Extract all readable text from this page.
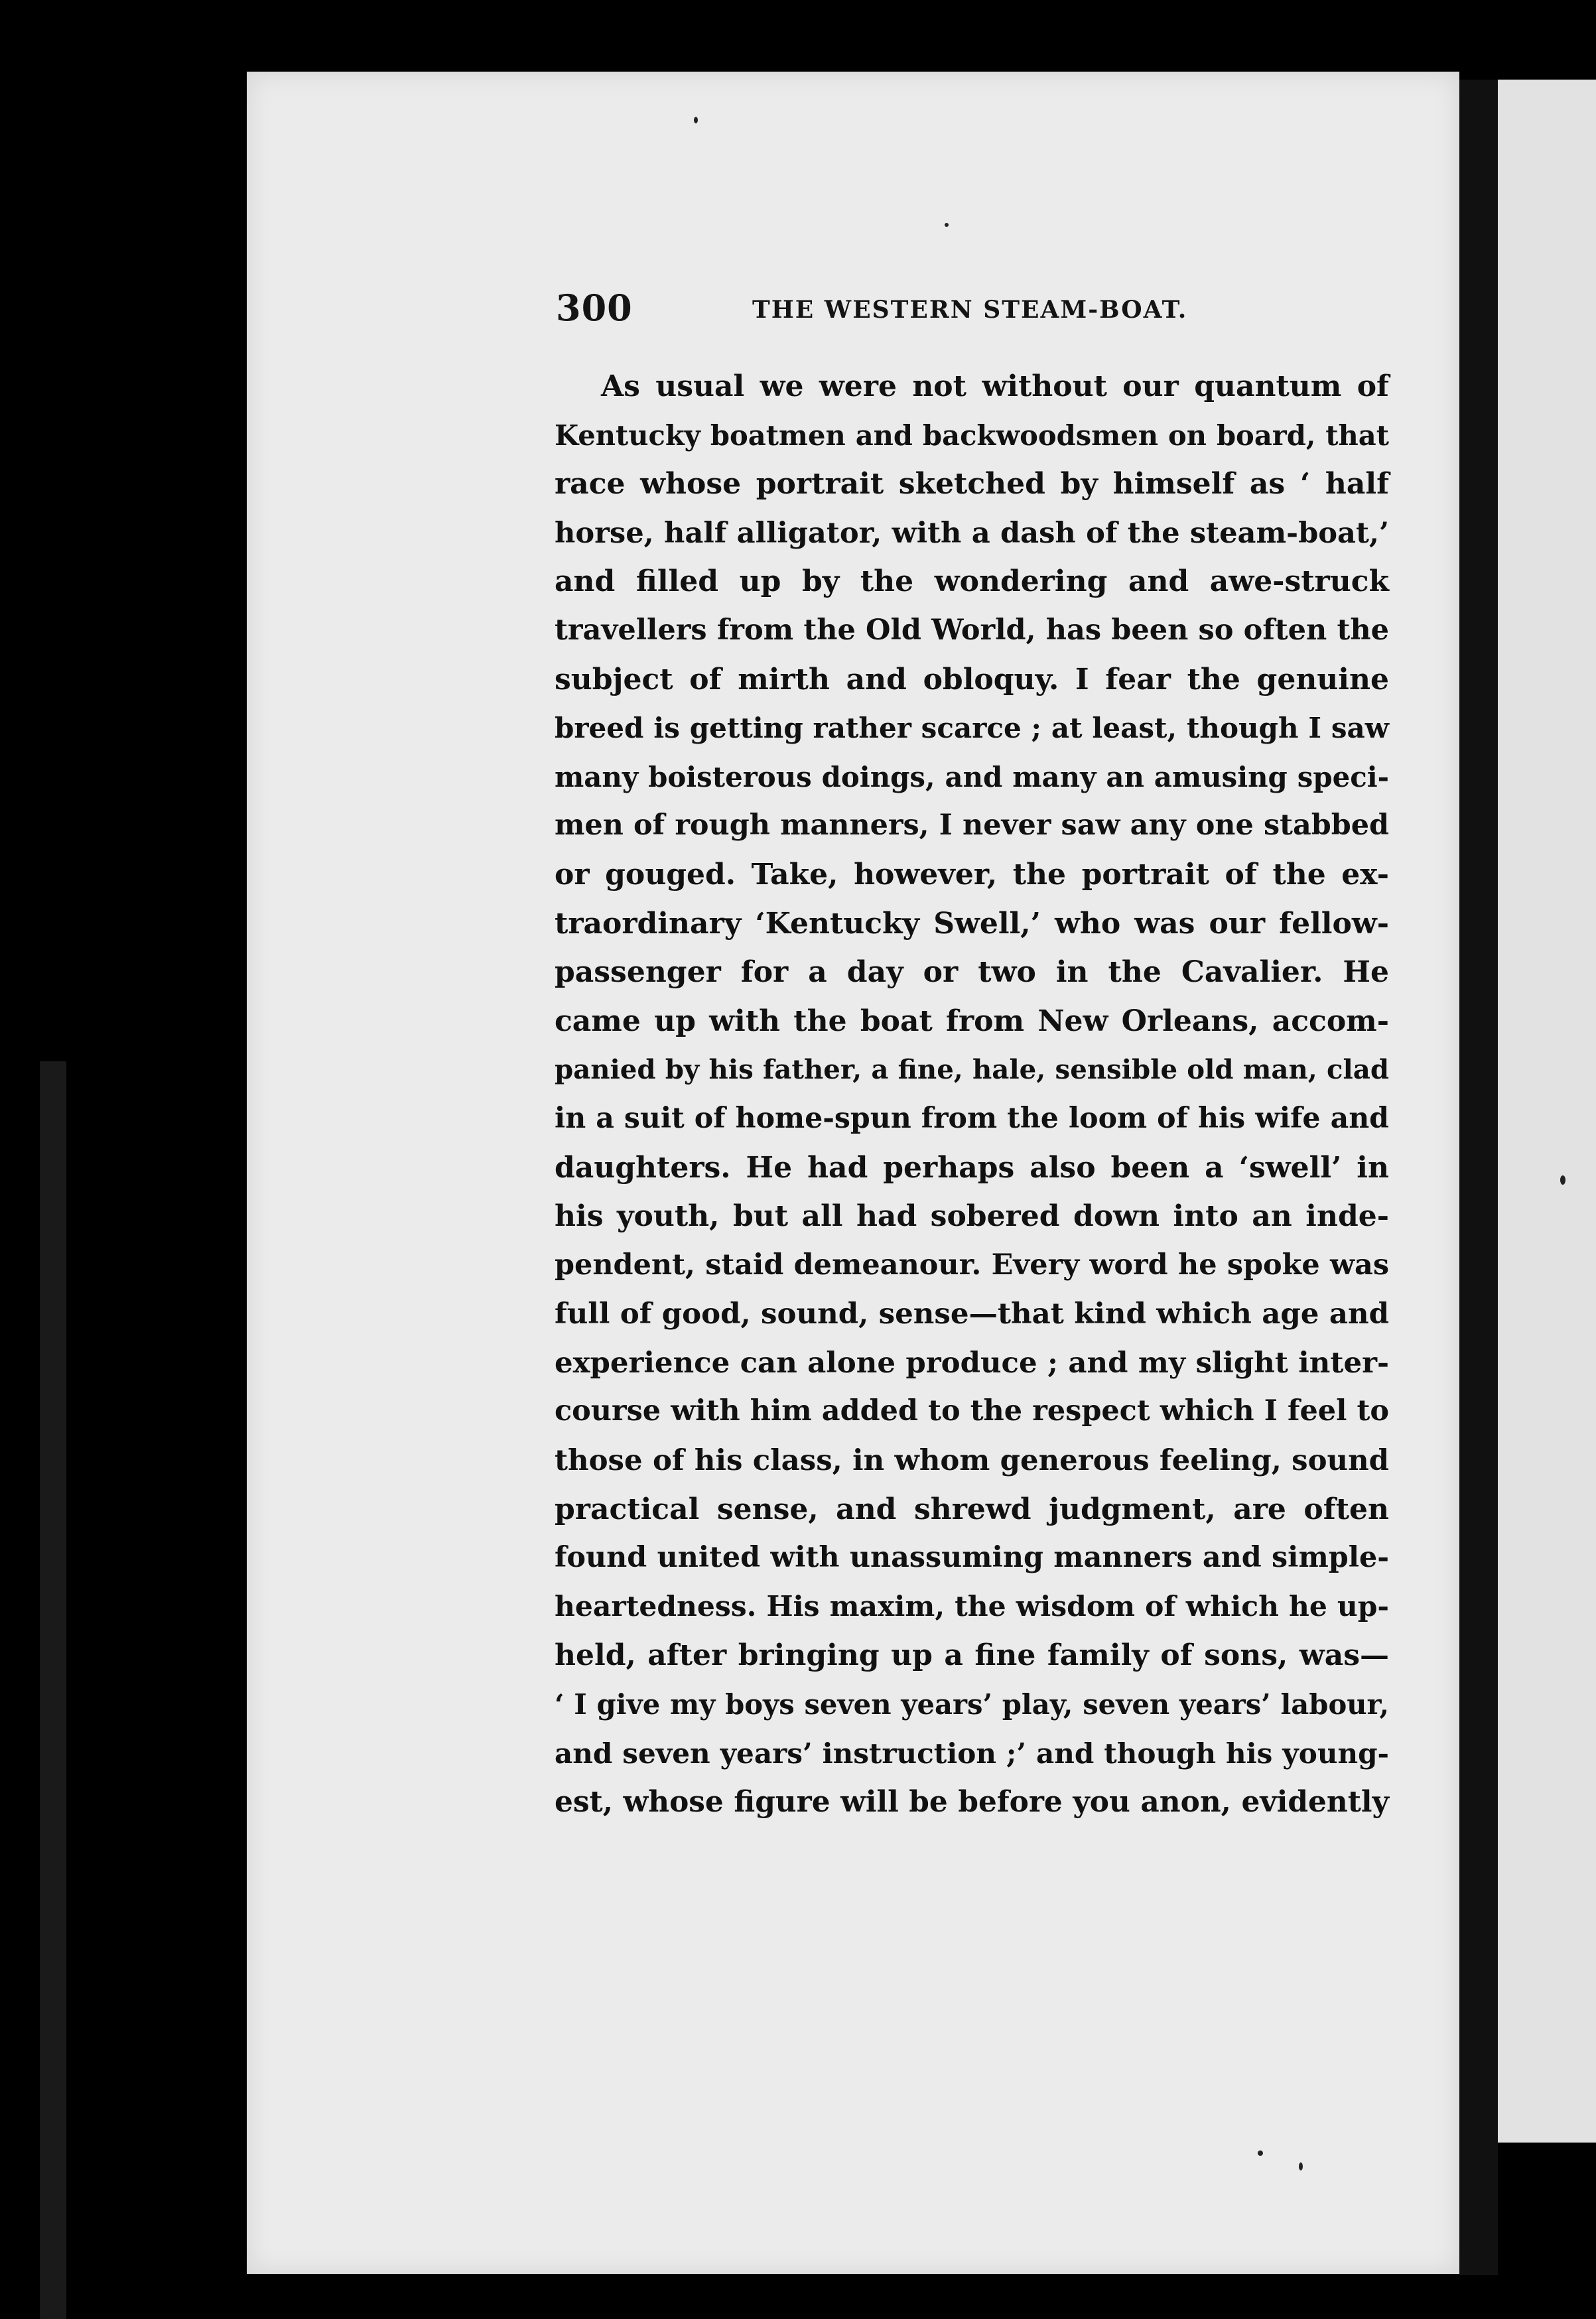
300	THE WESTERN STEAM-BOAT.
As usual we were not without our quantum of
Kentucky boatmen and backwoodsmen on board, that
race whose portrait sketched by himself as ‘ half
horse, half alligator, with a dash of the steam-boat,’
and filled up by the wondering and awe-struck
travellers from the Old World, has been so often the
subject of mirth and obloquy. I fear the genuine
breed is getting rather scarce ; at least, though I saw
many boisterous doings, and many an amusing speci-
men of rough manners, I never saw any one stabbed
or gouged. Take, however, the portrait of the ex-
traordinary ‘Kentucky Swell,’ who was our fellow-
passenger for a day or two in the Cavalier. He
came up with the boat from New Orleans, accom-
panied by his father, a fine, hale, sensible old man, clad
in a suit of home-spun from the loom of his wife and
daughters. He had perhaps also been a ‘swell’ in
his youth, but all had sobered down into an inde-
pendent, staid demeanour. Every word he spoke was
full of good, sound, sense—that kind which age and
experience can alone produce ; and my slight inter-
course with him added to the respect which I feel to
those of his class, in whom generous feeling, sound
practical sense, and shrewd judgment, are often
found united with unassuming manners and simple-
heartedness. His maxim, the wisdom of which he up-
held, after bringing up a fine family of sons, was—
‘ I give my boys seven years’ play, seven years’ labour,
and seven years’ instruction ;’ and though his young-
est, whose figure will be before you anon, evidently
